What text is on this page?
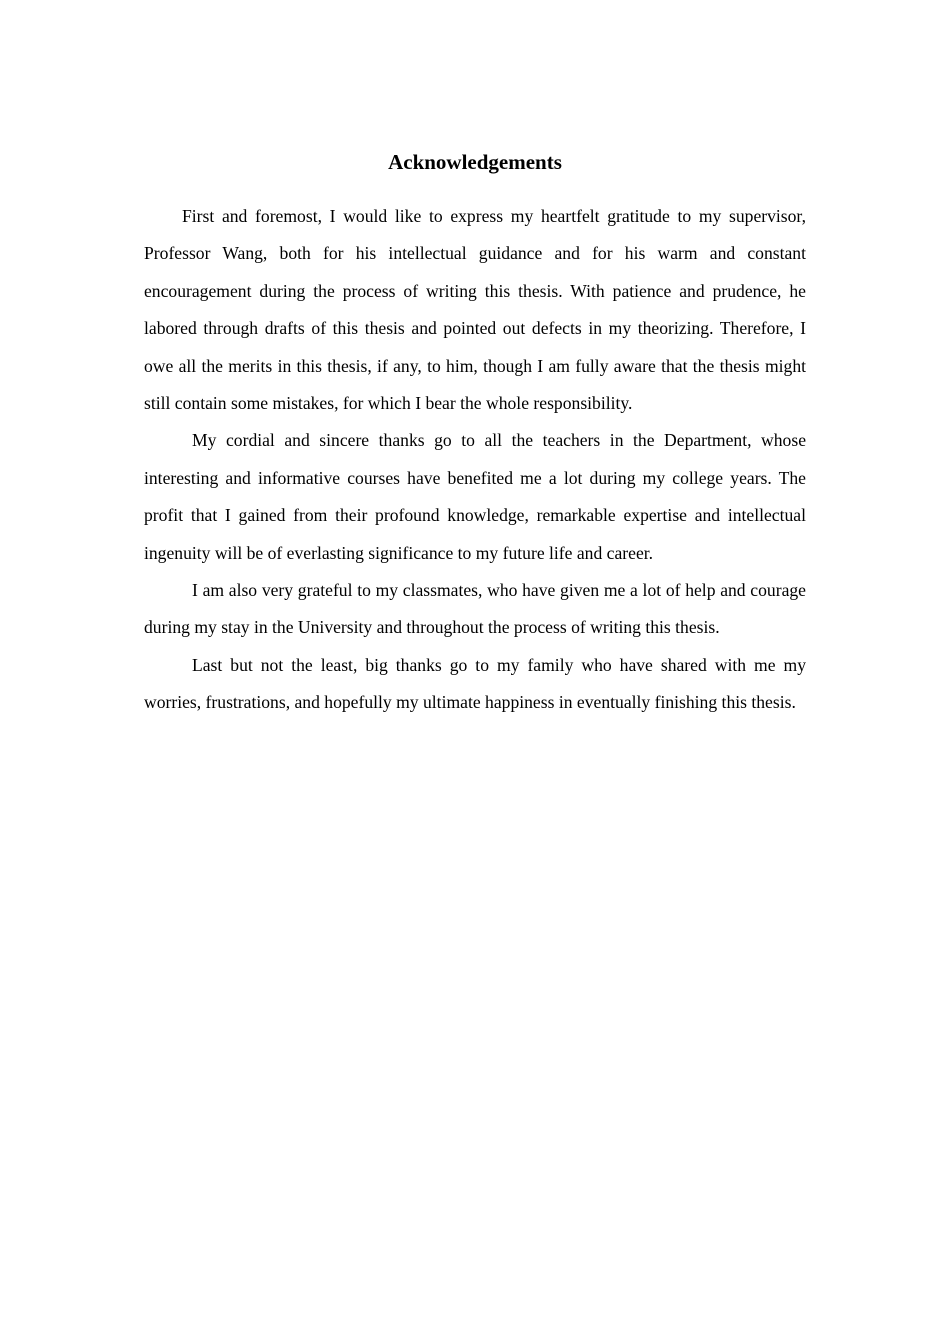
Acknowledgements

First and foremost, I would like to express my heartfelt gratitude to my supervisor, Professor Wang, both for his intellectual guidance and for his warm and constant encouragement during the process of writing this thesis. With patience and prudence, he labored through drafts of this thesis and pointed out defects in my theorizing. Therefore, I owe all the merits in this thesis, if any, to him, though I am fully aware that the thesis might still contain some mistakes, for which I bear the whole responsibility.

My cordial and sincere thanks go to all the teachers in the Department, whose interesting and informative courses have benefited me a lot during my college years. The profit that I gained from their profound knowledge, remarkable expertise and intellectual ingenuity will be of everlasting significance to my future life and career.

I am also very grateful to my classmates, who have given me a lot of help and courage during my stay in the University and throughout the process of writing this thesis.

Last but not the least, big thanks go to my family who have shared with me my worries, frustrations, and hopefully my ultimate happiness in eventually finishing this thesis.
